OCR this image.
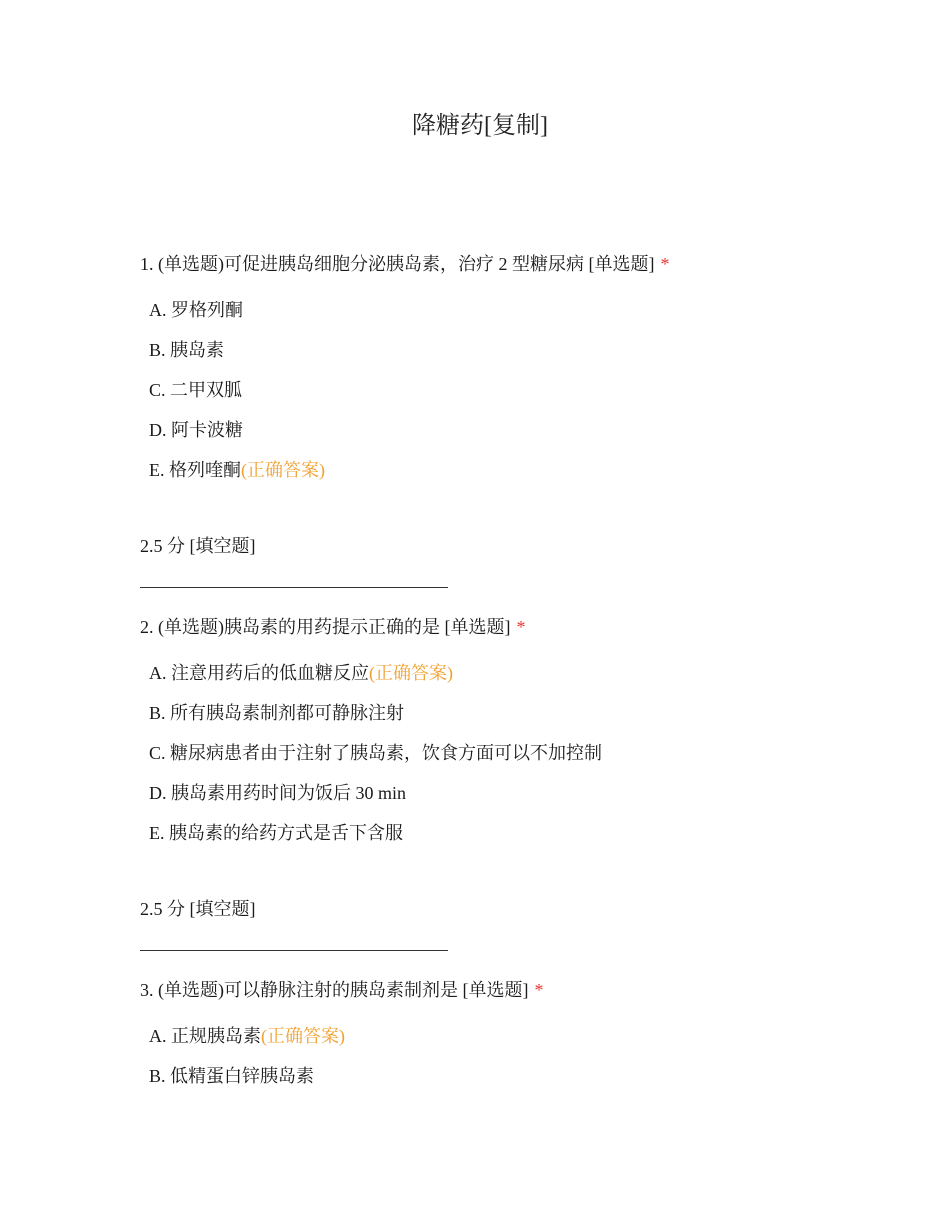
降糖药[复制]
1. (单选题)可促进胰岛细胞分泌胰岛素，治疗 2 型糖尿病 [单选题] *
A. 罗格列酮
B. 胰岛素
C. 二甲双胍
D. 阿卡波糖
E. 格列喹酮(正确答案)
2.5 分 [填空题]
2. (单选题)胰岛素的用药提示正确的是 [单选题] *
A. 注意用药后的低血糖反应(正确答案)
B. 所有胰岛素制剂都可静脉注射
C. 糖尿病患者由于注射了胰岛素，饮食方面可以不加控制
D. 胰岛素用药时间为饭后 30 min
E. 胰岛素的给药方式是舌下含服
2.5 分 [填空题]
3. (单选题)可以静脉注射的胰岛素制剂是 [单选题] *
A. 正规胰岛素(正确答案)
B. 低精蛋白锌胰岛素
